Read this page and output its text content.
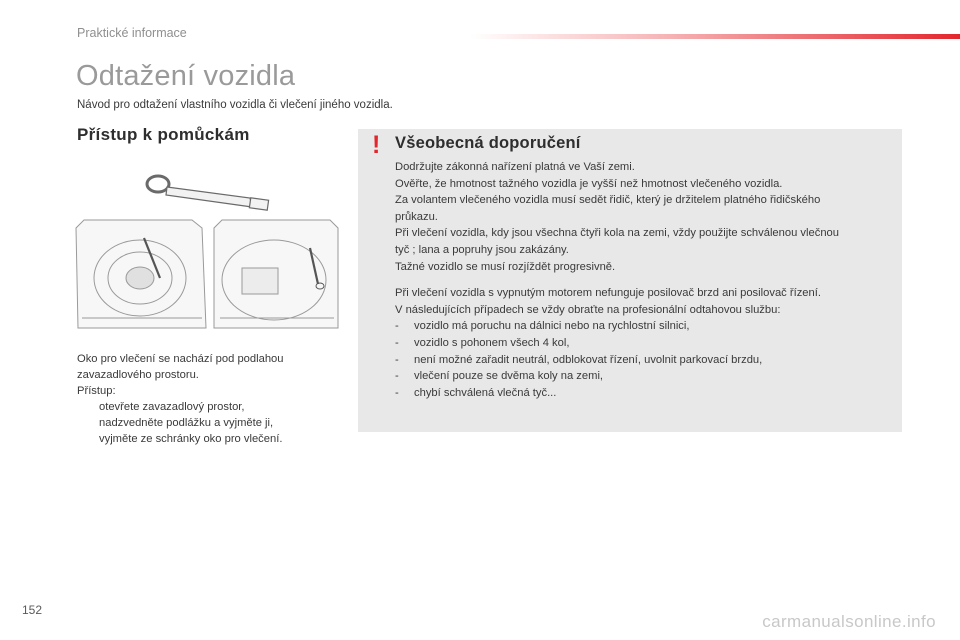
Praktické informace
Odtažení vozidla
Návod pro odtažení vlastního vozidla či vlečení jiného vozidla.
Přístup k pomůckám
Oko pro vlečení se nachází pod podlahou
zavazadlového prostoru.
Přístup:
otevřete zavazadlový prostor,
nadzvedněte podlážku a vyjměte ji,
vyjměte ze schránky oko pro vlečení.
! Všeobecná doporučení

Dodržujte zákonná nařízení platná ve Vaší zemi.

Ověřte, že hmotnost tažného vozidla je vyšší než hmotnost vlečeného vozidla.

Za volantem vlečeného vozidla musí sedět řidič, který je držitelem platného řidičského

průkazu.

Při vlečení vozidla, kdy jsou všechna čtyři kola na zemi, vždy použijte schválenou vlečnou

tyč ; lana a popruhy jsou zakázány.

Tažné vozidlo se musí rozjíždět progresivně.

Při vlečení vozidla s vypnutým motorem nefunguje posilovač brzd ani posilovač řízení.

V následujících případech se vždy obraťte na profesionální odtahovou službu:

-	vozidlo má poruchu na dálnici nebo na rychlostní silnici,
-	vozidlo s pohonem všech 4 kol,
-	není možné zařadit neutrál, odblokovat řízení, uvolnit parkovací brzdu,
-	vlečení pouze se dvěma koly na zemi,
-	chybí schválená vlečná tyč...
152
carmanualsonline.info
